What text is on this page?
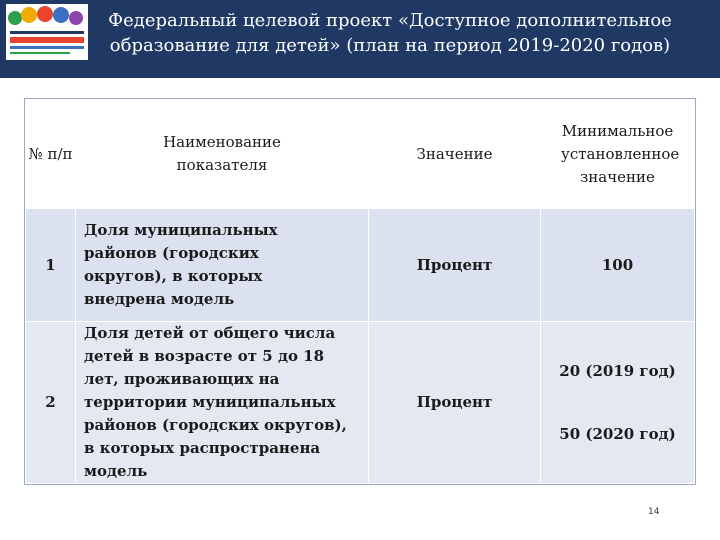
Федеральный целевой проект «Доступное дополнительное образование для детей» (план на период 2019-2020 годов)
№ п/п	Наименование показателя	Значение	Минимальное установленное значение
1	Доля муниципальных районов (городских округов), в которых внедрена модель	Процент	100

2	Доля детей от общего числа детей в возрасте от 5 до 18 лет, проживающих на территории муниципальных районов (городских округов), в которых распространена модель	Процент	20 (2019 год)
50 (2020 год)
14
